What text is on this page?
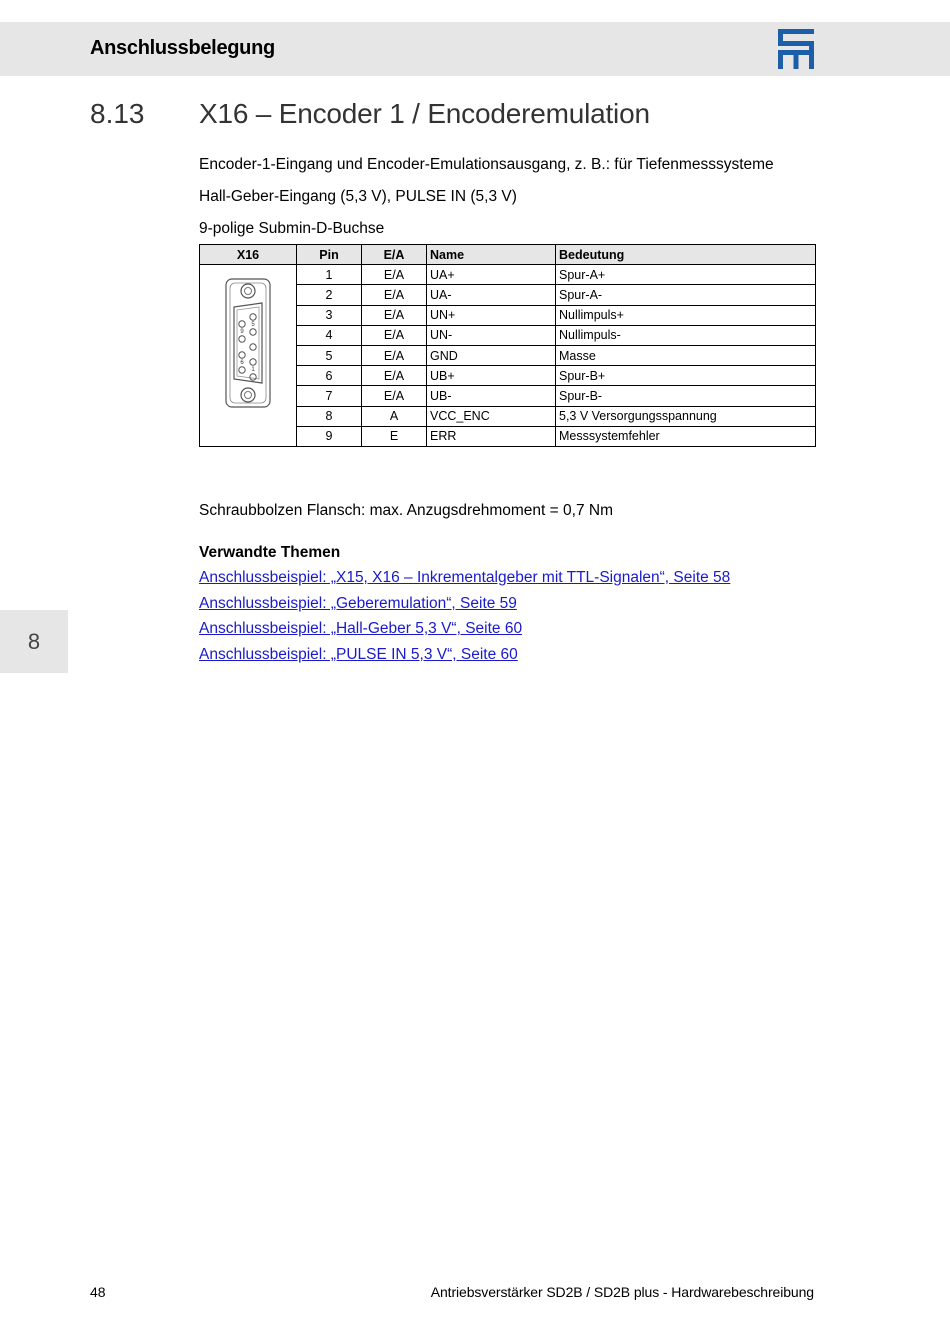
Anschlussbelegung
8.13 X16 – Encoder 1 / Encoderemulation
Encoder-1-Eingang und Encoder-Emulationsausgang, z. B.: für Tiefenmesssysteme
Hall-Geber-Eingang (5,3 V), PULSE IN (5,3 V)
9-polige Submin-D-Buchse
X16	Pin	E/A	Name	Bedeutung

5
9
6
1	1	E/A	UA+	Spur-A+
	2	E/A	UA-	Spur-A-
	3	E/A	UN+	Nullimpuls+
	4	E/A	UN-	Nullimpuls-
	5	E/A	GND	Masse
	6	E/A	UB+	Spur-B+
	7	E/A	UB-	Spur-B-
	8	A	VCC_ENC	5,3 V Versorgungsspannung
	9	E	ERR	Messsystemfehler
Schraubbolzen Flansch: max. Anzugsdrehmoment = 0,7 Nm
Verwandte Themen
Anschlussbeispiel: „X15, X16 – Inkrementalgeber mit TTL-Signalen“, Seite 58
Anschlussbeispiel: „Geberemulation“, Seite 59
Anschlussbeispiel: „Hall-Geber 5,3 V“, Seite 60
Anschlussbeispiel: „PULSE IN 5,3 V“, Seite 60
8
48	Antriebsverstärker SD2B / SD2B plus - Hardwarebeschreibung
